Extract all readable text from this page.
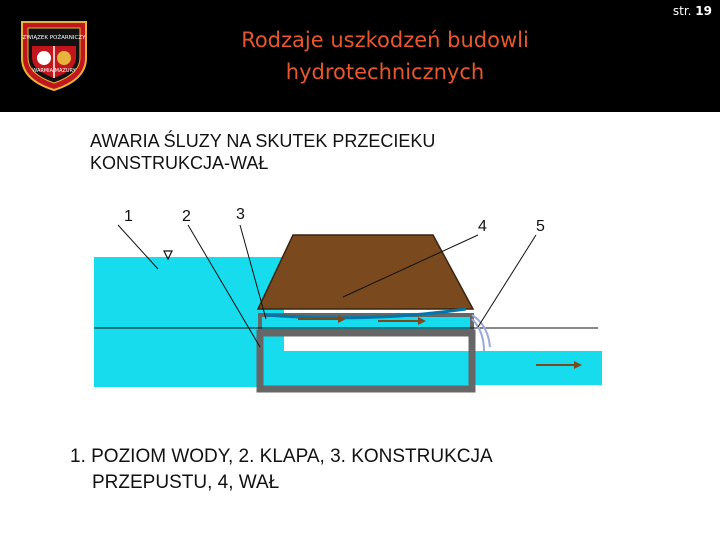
str. 19
ZWIĄZEK POŻARNICZY
WARMIA MAZURY
Rodzaje uszkodzeń budowli
hydrotechnicznych
AWARIA ŚLUZY NA SKUTEK PRZECIEKU
KONSTRUKCJA-WAŁ
1	2	3
4	5
1. POZIOM WODY, 2. KLAPA, 3. KONSTRUKCJA
PRZEPUSTU, 4, WAŁ
